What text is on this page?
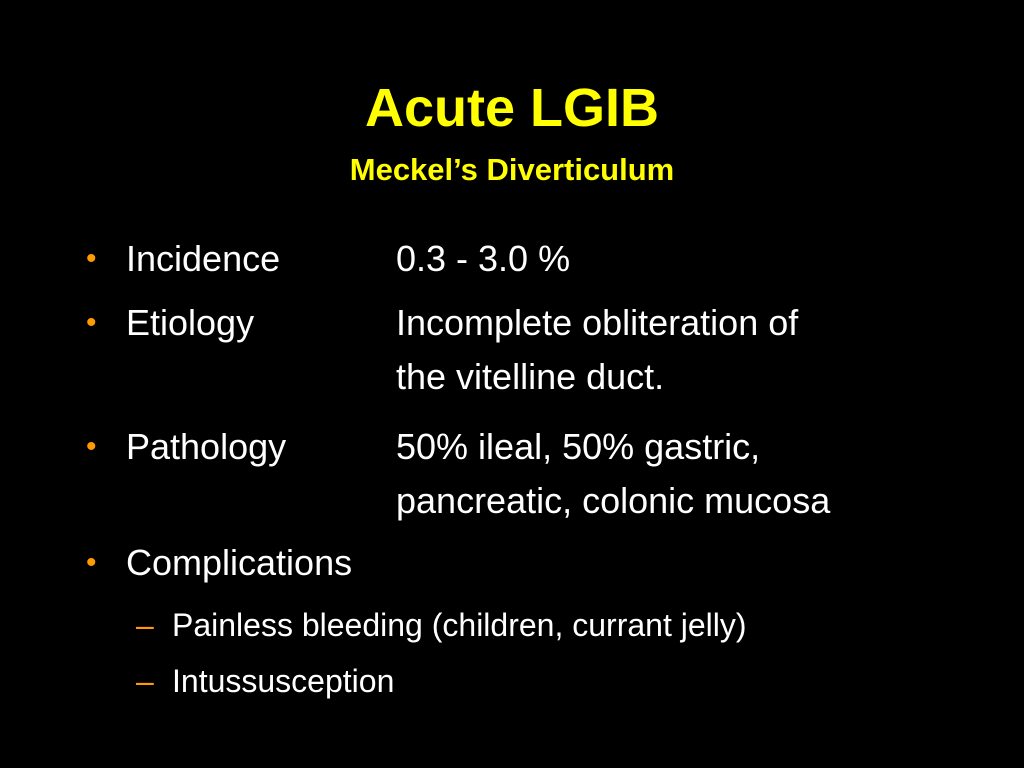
Acute LGIB
Meckel’s Diverticulum
• Incidence	0.3 - 3.0 %
• Etiology	Incomplete obliteration of
the vitelline duct.
• Pathology	50% ileal, 50% gastric,
pancreatic, colonic mucosa
• Complications
– Painless bleeding (children, currant jelly)
– Intussusception
